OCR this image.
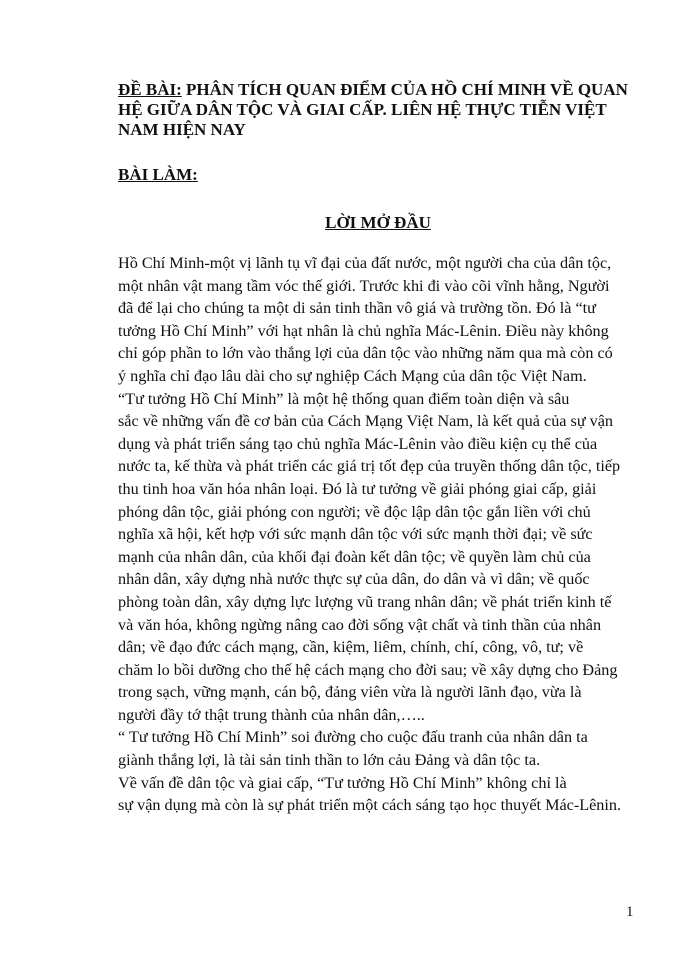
ĐỀ BÀI: PHÂN TÍCH QUAN ĐIỂM CỦA HỒ CHÍ MINH VỀ QUAN HỆ GIỮA DÂN TỘC VÀ GIAI CẤP. LIÊN HỆ THỰC TIỄN VIỆT NAM HIỆN NAY

BÀI LÀM:

LỜI MỞ ĐẦU

Hồ Chí Minh-một vị lãnh tụ vĩ đại của đất nước, một người cha của dân tộc,
một nhân vật mang tầm vóc thế giới. Trước khi đi vào cõi vĩnh hằng, Người
đã để lại cho chúng ta một di sản tinh thần vô giá và trường tồn. Đó là “tư
tưởng Hồ Chí Minh” với hạt nhân là chủ nghĩa Mác-Lênin. Điều này không
chỉ góp phần to lớn vào thắng lợi của dân tộc vào những năm qua mà còn có
ý nghĩa chỉ đạo lâu dài cho sự nghiệp Cách Mạng của dân tộc Việt Nam.
“Tư tưởng Hồ Chí Minh” là một hệ thống quan điểm toàn diện và sâu
sắc về những vấn đề cơ bản của Cách Mạng Việt Nam, là kết quả của sự vận
dụng và phát triển sáng tạo chủ nghĩa Mác-Lênin vào điều kiện cụ thể của
nước ta, kế thừa và phát triển các giá trị tốt đẹp của truyền thống dân tộc, tiếp
thu tinh hoa văn hóa nhân loại. Đó là tư tưởng về giải phóng giai cấp, giải
phóng dân tộc, giải phóng con người; về độc lập dân tộc gắn liền với chủ
nghĩa xã hội, kết hợp với sức mạnh dân tộc với sức mạnh thời đại; về sức
mạnh của nhân dân, của khối đại đoàn kết dân tộc; về quyền làm chủ của
nhân dân, xây dựng nhà nước thực sự của dân, do dân và vì dân; về quốc
phòng toàn dân, xây dựng lực lượng vũ trang nhân dân; về phát triển kinh tế
và văn hóa, không ngừng nâng cao đời sống vật chất và tinh thần của nhân
dân; về đạo đức cách mạng, cần, kiệm, liêm, chính, chí, công, vô, tư; về
chăm lo bồi dưỡng cho thế hệ cách mạng cho đời sau; về xây dựng cho Đảng
trong sạch, vững mạnh, cán bộ, đảng viên vừa là người lãnh đạo, vừa là
người đầy tớ thật trung thành của nhân dân,…..
“ Tư tưởng Hồ Chí Minh” soi đường cho cuộc đấu tranh của nhân dân ta
giành thắng lợi, là tài sản tinh thần to lớn cảu Đảng và dân tộc ta.
Về vấn đề dân tộc và giai cấp, “Tư tưởng Hồ Chí Minh” không chỉ là
sự vận dụng mà còn là sự phát triển một cách sáng tạo học thuyết Mác-Lênin.
1
